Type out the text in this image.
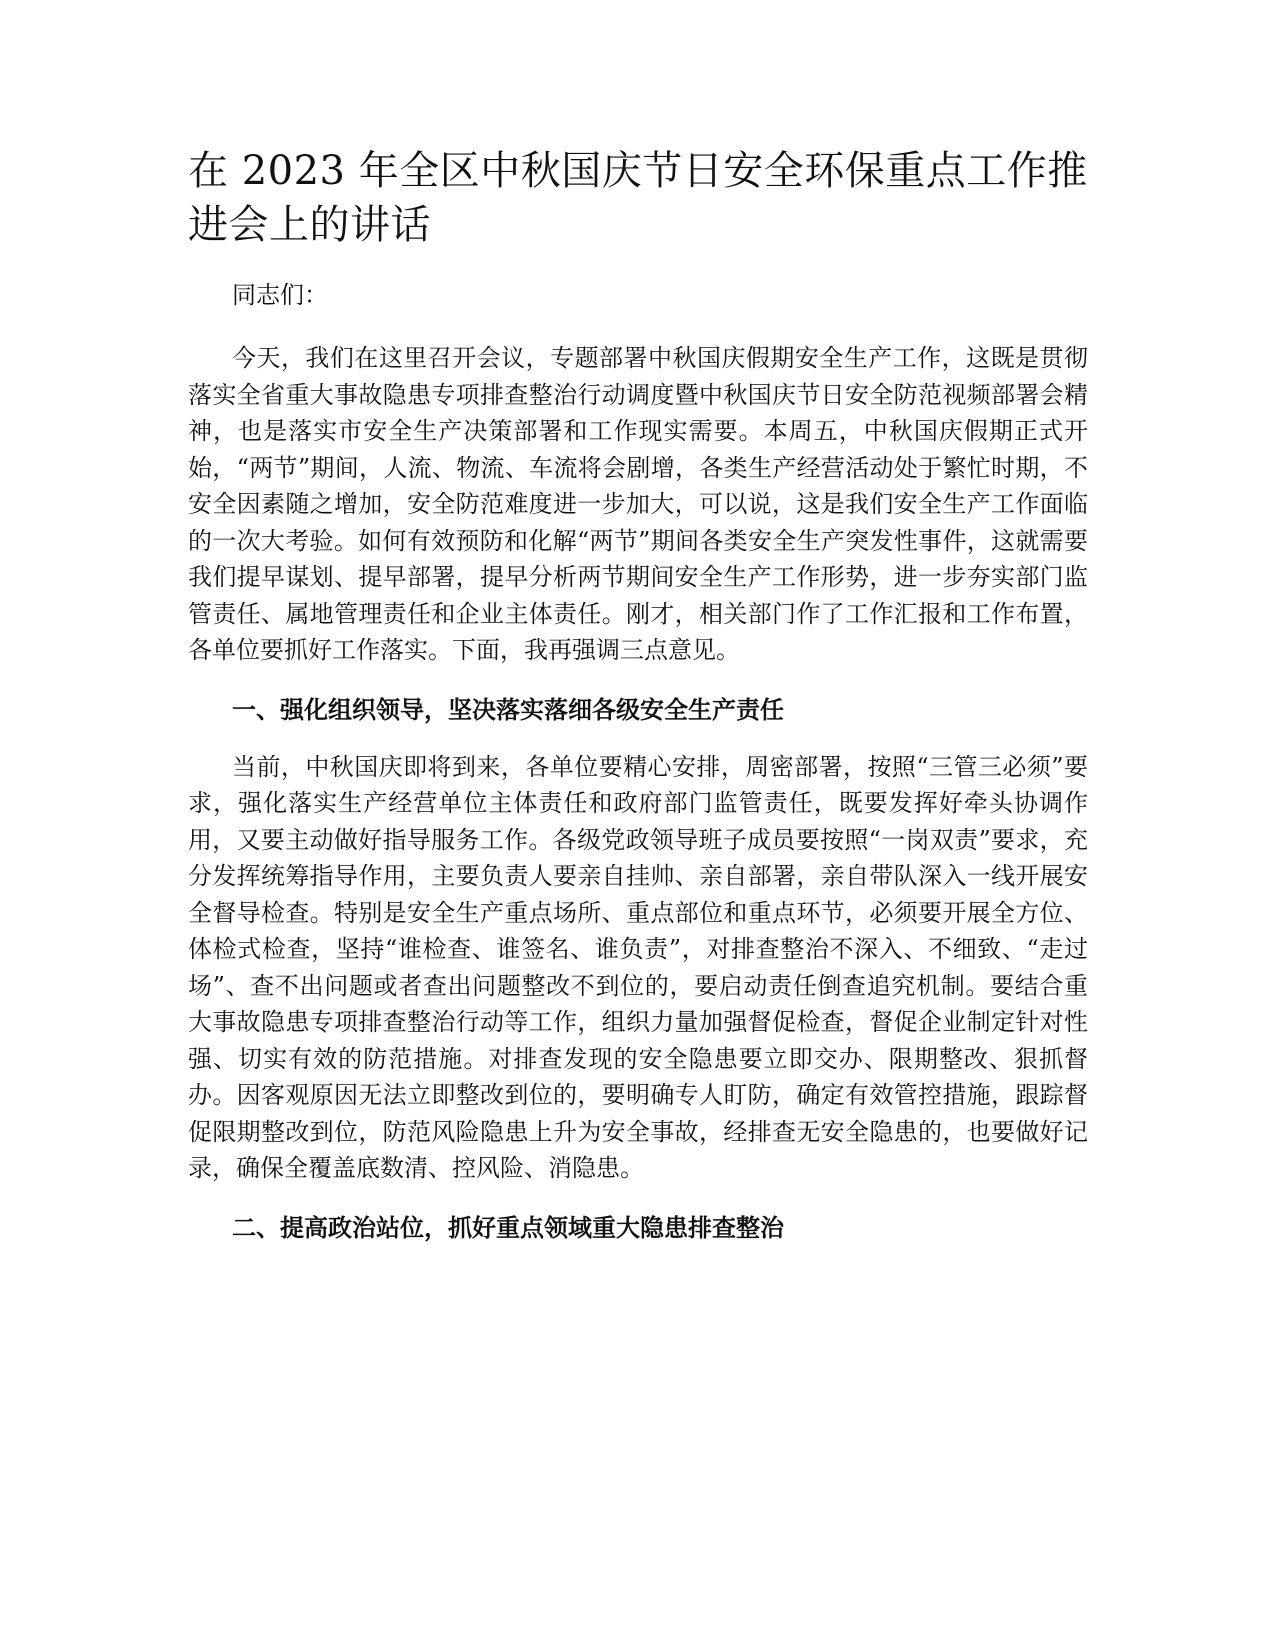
在 2023 年全区中秋国庆节日安全环保重点工作推进会上的讲话

同志们：

今天，我们在这里召开会议，专题部署中秋国庆假期安全生产工作，这既是贯彻落实全省重大事故隐患专项排查整治行动调度暨中秋国庆节日安全防范视频部署会精神，也是落实市安全生产决策部署和工作现实需要。本周五，中秋国庆假期正式开始，“两节”期间，人流、物流、车流将会剧增，各类生产经营活动处于繁忙时期，不安全因素随之增加，安全防范难度进一步加大，可以说，这是我们安全生产工作面临的一次大考验。如何有效预防和化解“两节”期间各类安全生产突发性事件，这就需要我们提早谋划、提早部署，提早分析两节期间安全生产工作形势，进一步夯实部门监管责任、属地管理责任和企业主体责任。刚才，相关部门作了工作汇报和工作布置，各单位要抓好工作落实。下面，我再强调三点意见。

一、强化组织领导，坚决落实落细各级安全生产责任

当前，中秋国庆即将到来，各单位要精心安排，周密部署，按照“三管三必须”要求，强化落实生产经营单位主体责任和政府部门监管责任，既要发挥好牵头协调作用，又要主动做好指导服务工作。各级党政领导班子成员要按照“一岗双责”要求，充分发挥统筹指导作用，主要负责人要亲自挂帅、亲自部署，亲自带队深入一线开展安全督导检查。特别是安全生产重点场所、重点部位和重点环节，必须要开展全方位、体检式检查，坚持“谁检查、谁签名、谁负责”，对排查整治不深入、不细致、“走过场”、查不出问题或者查出问题整改不到位的，要启动责任倒查追究机制。要结合重大事故隐患专项排查整治行动等工作，组织力量加强督促检查，督促企业制定针对性强、切实有效的防范措施。对排查发现的安全隐患要立即交办、限期整改、狠抓督办。因客观原因无法立即整改到位的，要明确专人盯防，确定有效管控措施，跟踪督促限期整改到位，防范风险隐患上升为安全事故，经排查无安全隐患的，也要做好记录，确保全覆盖底数清、控风险、消隐患。

二、提高政治站位，抓好重点领域重大隐患排查整治
